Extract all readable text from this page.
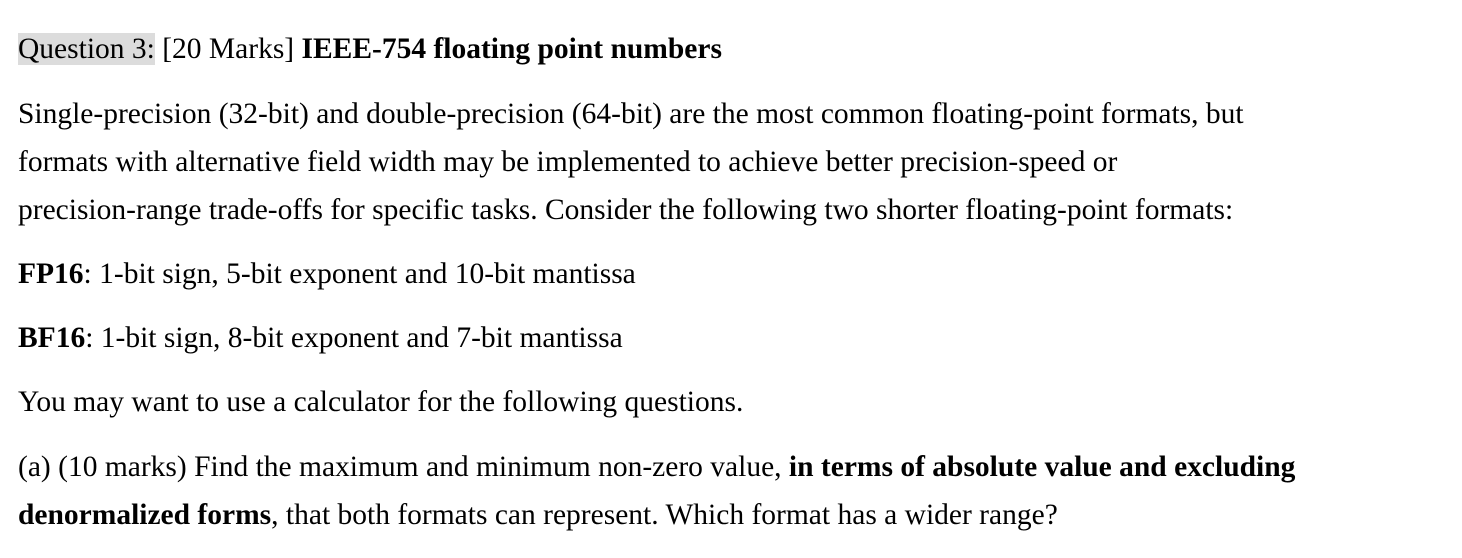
Question 3: [20 Marks] IEEE-754 floating point numbers
Single-precision (32-bit) and double-precision (64-bit) are the most common floating-point formats, but
formats with alternative field width may be implemented to achieve better precision-speed or
precision-range trade-offs for specific tasks. Consider the following two shorter floating-point formats:
FP16: 1-bit sign, 5-bit exponent and 10-bit mantissa
BF16: 1-bit sign, 8-bit exponent and 7-bit mantissa
You may want to use a calculator for the following questions.
(a) (10 marks) Find the maximum and minimum non-zero value, in terms of absolute value and excluding
denormalized forms, that both formats can represent. Which format has a wider range?
